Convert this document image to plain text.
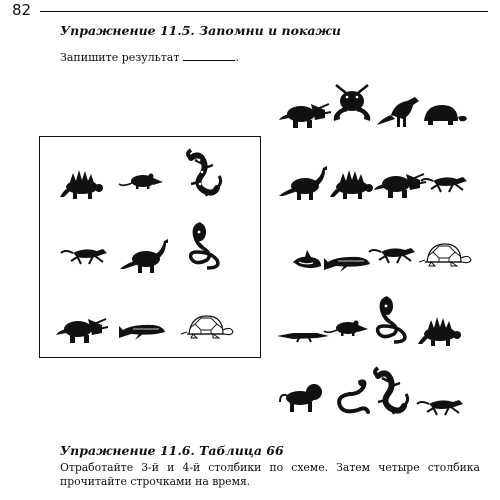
82
Упражнение 11.5. Запомни и покажи
Запишите результат	.
Упражнение 11.6. Таблица 66
Отработайте 3-й и 4-й столбики по схеме. Затем четыре столбика прочитайте строчками на время.
